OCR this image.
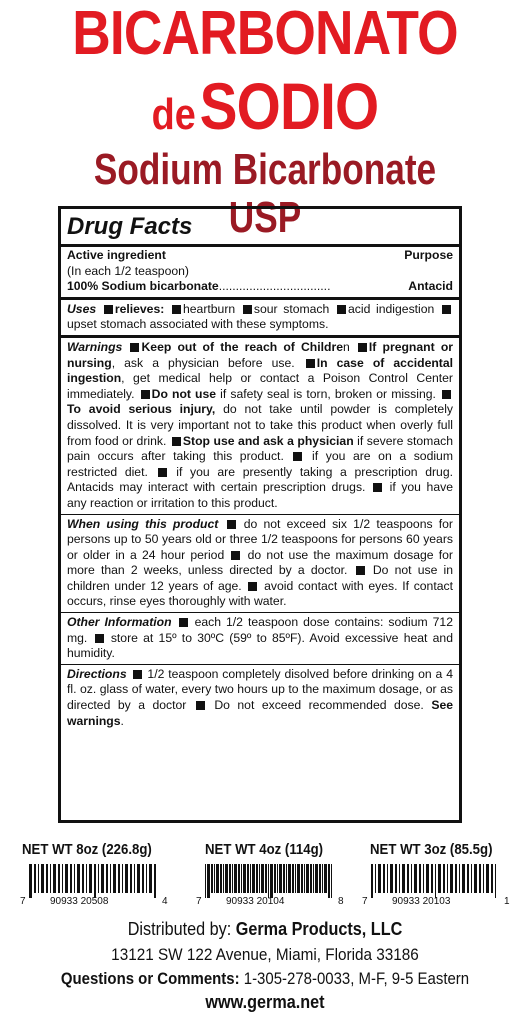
BICARBONATO
de SODIO
Sodium Bicarbonate USP
Drug Facts
Active ingredient	Purpose
(In each 1/2 teaspoon)
100% Sodium bicarbonate .................................	Antacid
Uses relieves: heartburn sour stomach acid indigestion upset stomach associated with these symptoms.
Warnings Keep out of the reach of Children If pregnant or nursing, ask a physician before use. In case of accidental ingestion, get medical help or contact a Poison Control Center immediately. Do not use if safety seal is torn, broken or missing. To avoid serious injury, do not take until powder is completely dissolved. It is very important not to take this product when overly full from food or drink. Stop use and ask a physician if severe stomach pain occurs after taking this product.  if you are on a sodium restricted diet.  if you are presently taking a prescription drug. Antacids may interact with certain prescription drugs.  if you have any reaction or irritation to this product.
When using this product  do not exceed six 1/2 teaspoons for persons up to 50 years old or three 1/2 teaspoons for persons 60 years or older in a 24 hour period  do not use the maximum dosage for more than 2 weeks, unless directed by a doctor.  Do not use in children under 12 years of age.  avoid contact with eyes. If contact occurs, rinse eyes thoroughly with water.
Other Information  each 1/2 teaspoon dose contains: sodium 712 mg.  store at 15º to 30ºC (59º to 85ºF). Avoid excessive heat and humidity.
Directions  1/2 teaspoon completely disolved before drinking on a 4 fl. oz. glass of water, every two hours up to the maximum dosage, or as directed by a doctor  Do not exceed recommended dose. See warnings.
NET WT 8oz (226.8g)	NET WT 4oz (114g)	NET WT 3oz (85.5g)
7 90933 20508	4	7 90933 20104	8 7 90933 20103	1
Distributed by: Germa Products, LLC
13121 SW 122 Avenue, Miami, Florida 33186
Questions or Comments: 1-305-278-0033, M-F, 9-5 Eastern
www.germa.net
